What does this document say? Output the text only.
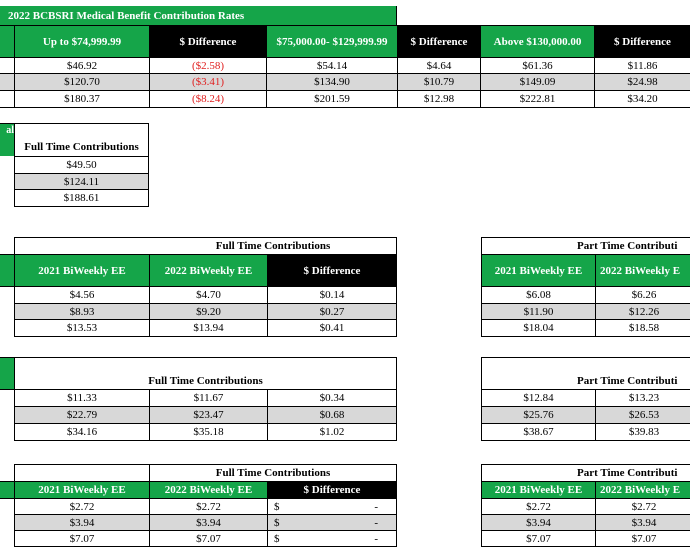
2022 BCBSRI Medical Benefit Contribution Rates
Up to $74,999.99	$ Difference	$75,000.00- $129,999.99	$ Difference	Above $130,000.00	$ Difference
$46.92	($2.58)	$54.14	$4.64	$61.36	$11.86
$120.70	($3.41)	$134.90	$10.79	$149.09	$24.98
$180.37	($8.24)	$201.59	$12.98	$222.81	$34.20
al
Full Time Contributions
$49.50
$124.11
$188.61
Full Time Contributions
2021 BiWeekly EE	2022 BiWeekly EE	$ Difference
$4.56	$4.70	$0.14
$8.93	$9.20	$0.27
$13.53	$13.94	$0.41
Part Time Contributi
2021 BiWeekly EE	2022 BiWeekly E
$6.08	$6.26
$11.90	$12.26
$18.04	$18.58
Full Time Contributions
$11.33	$11.67	$0.34
$22.79	$23.47	$0.68
$34.16	$35.18	$1.02
Part Time Contributi
$12.84	$13.23
$25.76	$26.53
$38.67	$39.83
Full Time Contributions
2021 BiWeekly EE	2022 BiWeekly EE	$ Difference
$2.72	$2.72	$	-
$3.94	$3.94	$	-
$7.07	$7.07	$	-
Part Time Contributi
2021 BiWeekly EE	2022 BiWeekly E
$2.72	$2.72
$3.94	$3.94
$7.07	$7.07
